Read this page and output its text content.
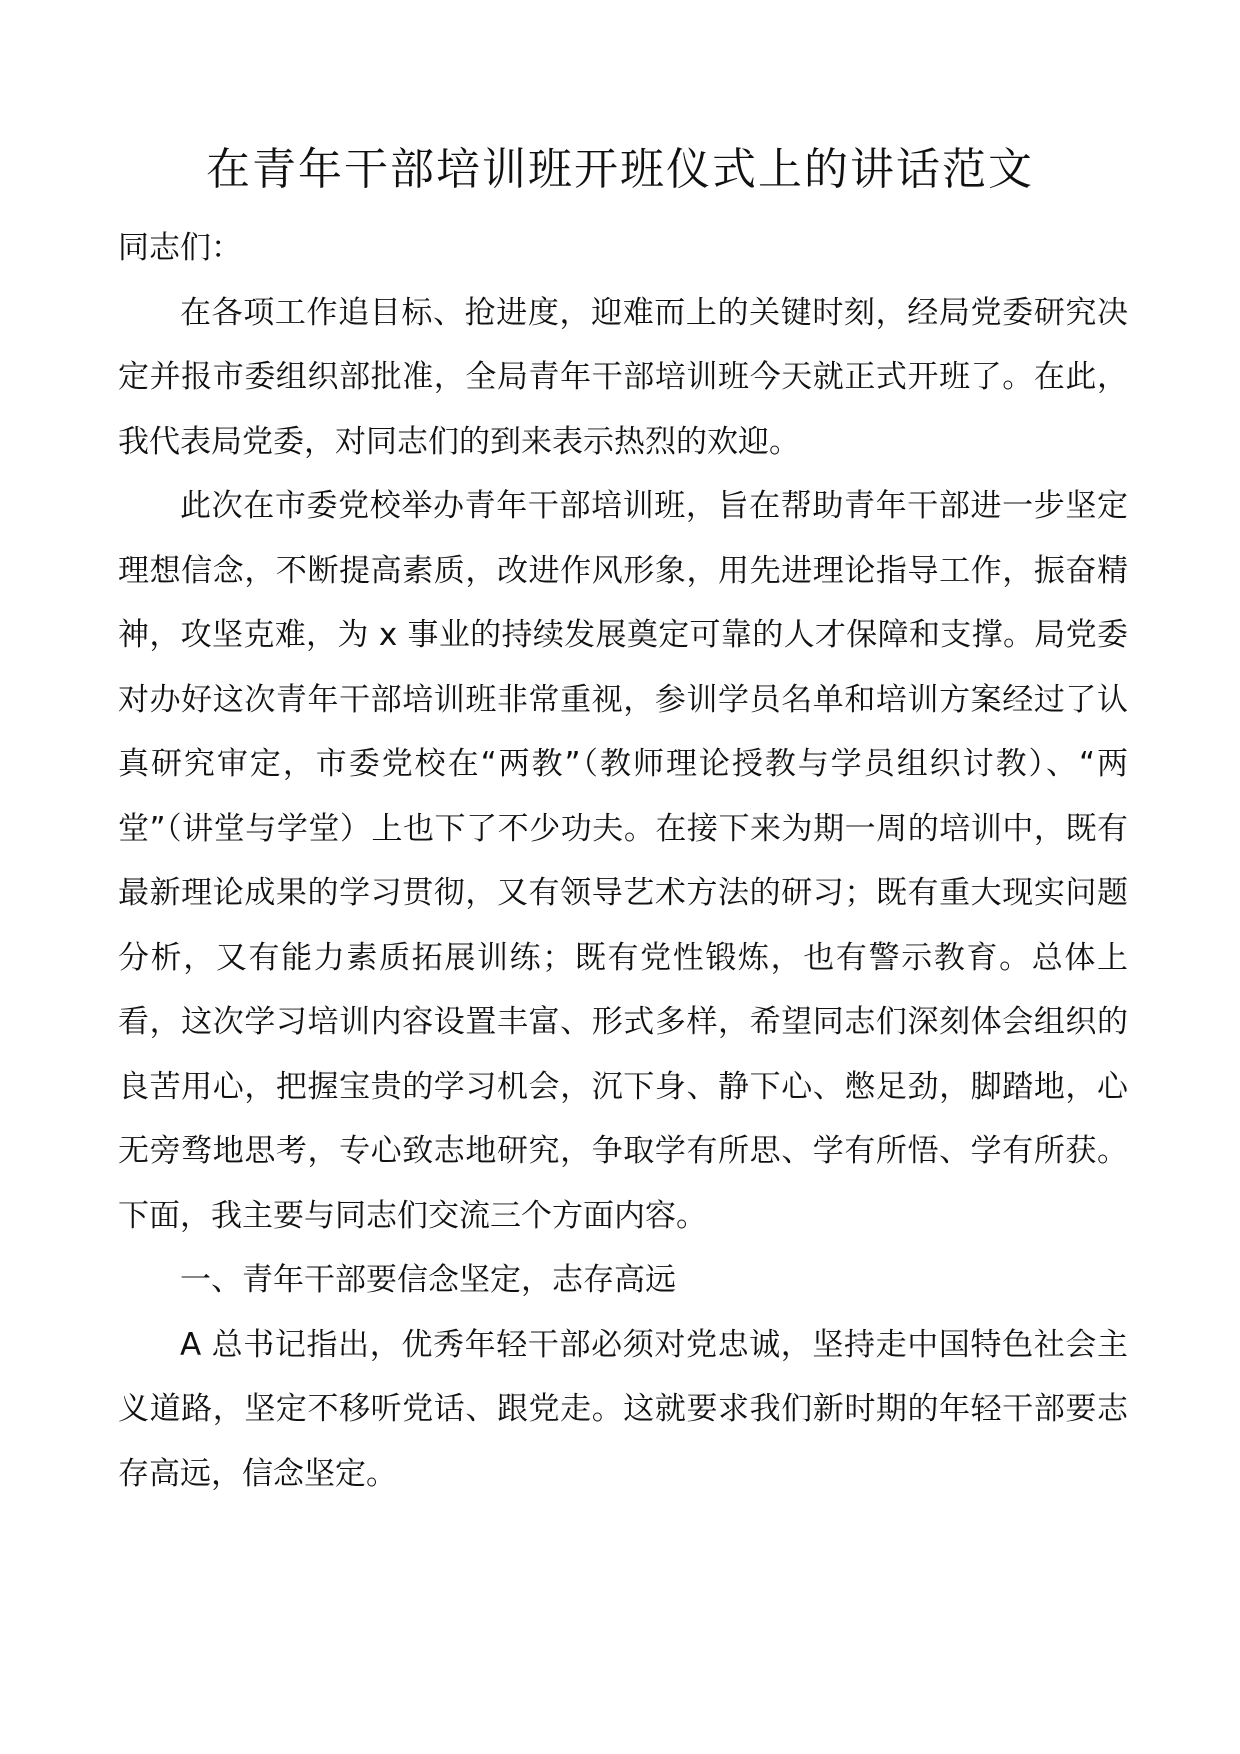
在青年干部培训班开班仪式上的讲话范文

同志们：

在各项工作追目标、抢进度，迎难而上的关键时刻，经局党委研究决定并报市委组织部批准，全局青年干部培训班今天就正式开班了。在此，我代表局党委，对同志们的到来表示热烈的欢迎。

此次在市委党校举办青年干部培训班，旨在帮助青年干部进一步坚定理想信念，不断提高素质，改进作风形象，用先进理论指导工作，振奋精神，攻坚克难，为 x 事业的持续发展奠定可靠的人才保障和支撑。局党委对办好这次青年干部培训班非常重视，参训学员名单和培训方案经过了认真研究审定，市委党校在“两教”（教师理论授教与学员组织讨教）、“两堂”（讲堂与学堂）上也下了不少功夫。在接下来为期一周的培训中，既有最新理论成果的学习贯彻，又有领导艺术方法的研习；既有重大现实问题分析，又有能力素质拓展训练；既有党性锻炼，也有警示教育。总体上看，这次学习培训内容设置丰富、形式多样，希望同志们深刻体会组织的良苦用心，把握宝贵的学习机会，沉下身、静下心、憋足劲，脚踏地，心无旁骛地思考，专心致志地研究，争取学有所思、学有所悟、学有所获。下面，我主要与同志们交流三个方面内容。

一、青年干部要信念坚定，志存高远

A 总书记指出，优秀年轻干部必须对党忠诚，坚持走中国特色社会主义道路，坚定不移听党话、跟党走。这就要求我们新时期的年轻干部要志存高远，信念坚定。
